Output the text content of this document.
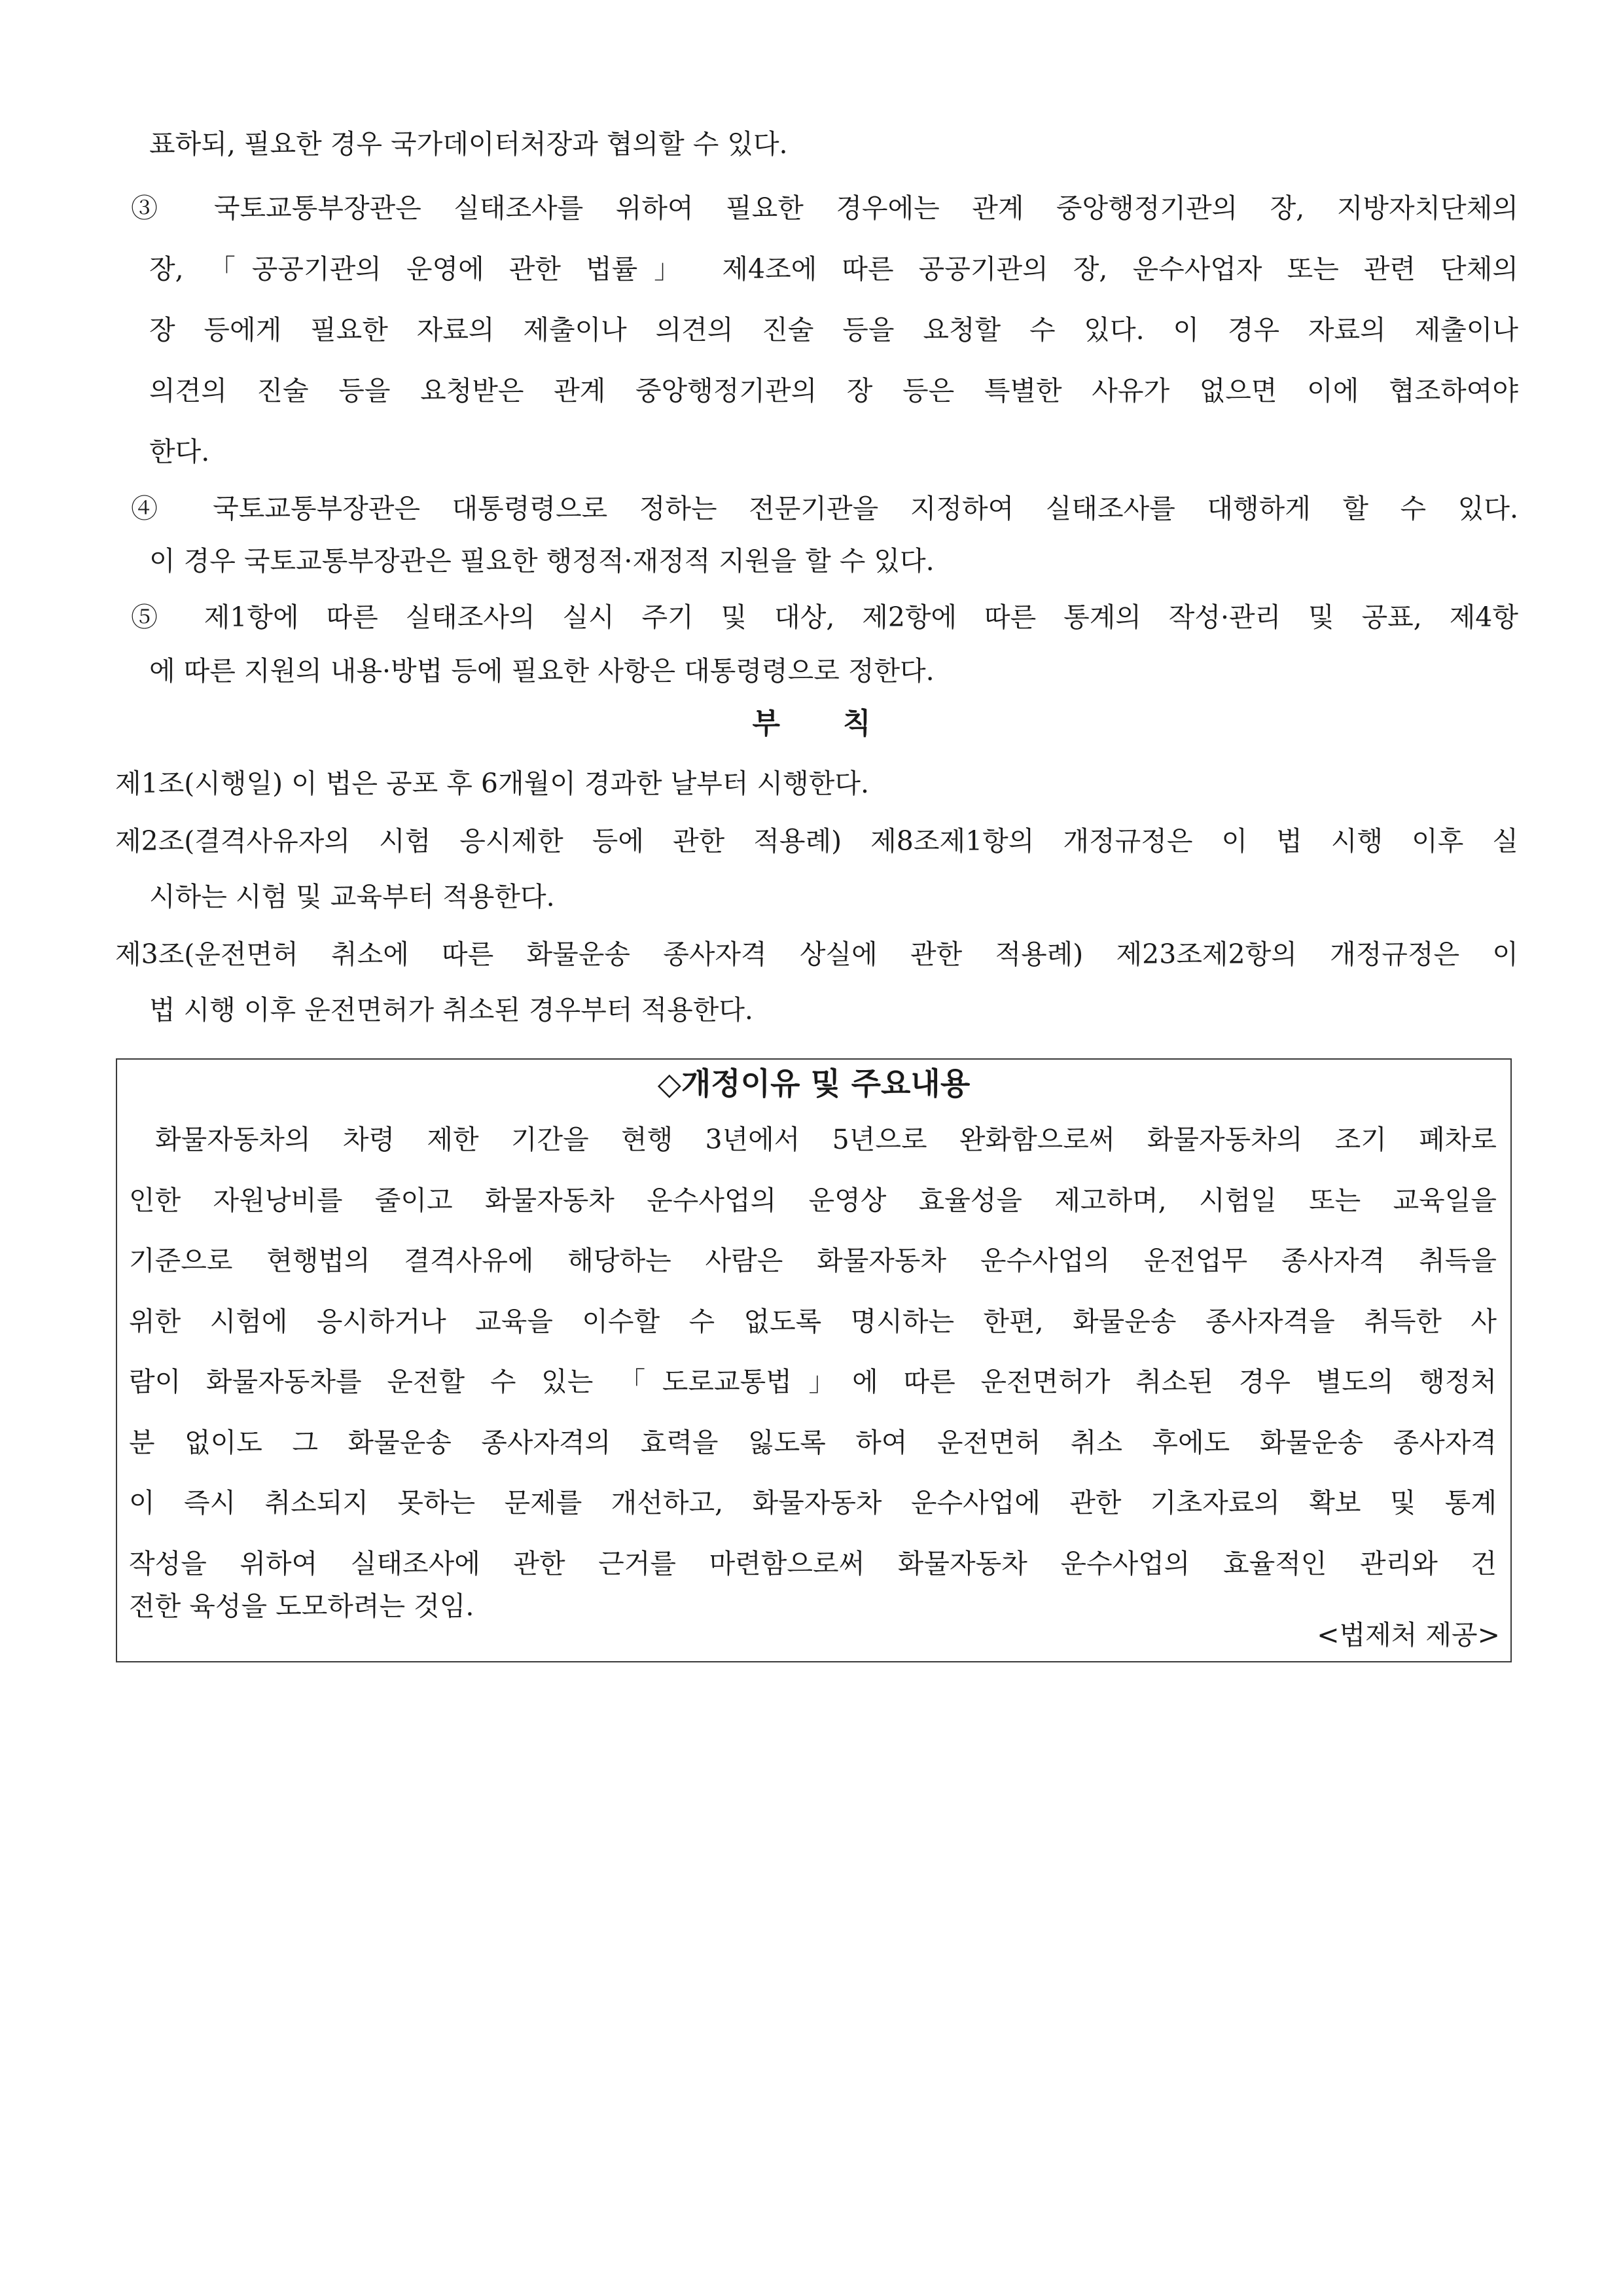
표하되, 필요한 경우 국가데이터처장과 협의할 수 있다.
③ 국토교통부장관은 실태조사를 위하여 필요한 경우에는 관계 중앙행정기관의 장, 지방자치단체의
장, 「공공기관의 운영에 관한 법률」 제4조에 따른 공공기관의 장, 운수사업자 또는 관련 단체의
장 등에게 필요한 자료의 제출이나 의견의 진술 등을 요청할 수 있다. 이 경우 자료의 제출이나
의견의 진술 등을 요청받은 관계 중앙행정기관의 장 등은 특별한 사유가 없으면 이에 협조하여야
한다.
④ 국토교통부장관은 대통령령으로 정하는 전문기관을 지정하여 실태조사를 대행하게 할 수 있다.
이 경우 국토교통부장관은 필요한 행정적·재정적 지원을 할 수 있다.
⑤ 제1항에 따른 실태조사의 실시 주기 및 대상, 제2항에 따른 통계의 작성·관리 및 공표, 제4항
에 따른 지원의 내용·방법 등에 필요한 사항은 대통령령으로 정한다.
부칙
제1조(시행일) 이 법은 공포 후 6개월이 경과한 날부터 시행한다.
제2조(결격사유자의 시험 응시제한 등에 관한 적용례) 제8조제1항의 개정규정은 이 법 시행 이후 실
시하는 시험 및 교육부터 적용한다.
제3조(운전면허 취소에 따른 화물운송 종사자격 상실에 관한 적용례) 제23조제2항의 개정규정은 이
법 시행 이후 운전면허가 취소된 경우부터 적용한다.
◇개정이유 및 주요내용
화물자동차의 차령 제한 기간을 현행 3년에서 5년으로 완화함으로써 화물자동차의 조기 폐차로
인한 자원낭비를 줄이고 화물자동차 운수사업의 운영상 효율성을 제고하며, 시험일 또는 교육일을
기준으로 현행법의 결격사유에 해당하는 사람은 화물자동차 운수사업의 운전업무 종사자격 취득을
위한 시험에 응시하거나 교육을 이수할 수 없도록 명시하는 한편, 화물운송 종사자격을 취득한 사
람이 화물자동차를 운전할 수 있는 「도로교통법」에 따른 운전면허가 취소된 경우 별도의 행정처
분 없이도 그 화물운송 종사자격의 효력을 잃도록 하여 운전면허 취소 후에도 화물운송 종사자격
이 즉시 취소되지 못하는 문제를 개선하고, 화물자동차 운수사업에 관한 기초자료의 확보 및 통계
작성을 위하여 실태조사에 관한 근거를 마련함으로써 화물자동차 운수사업의 효율적인 관리와 건
전한 육성을 도모하려는 것임.
<법제처 제공>
